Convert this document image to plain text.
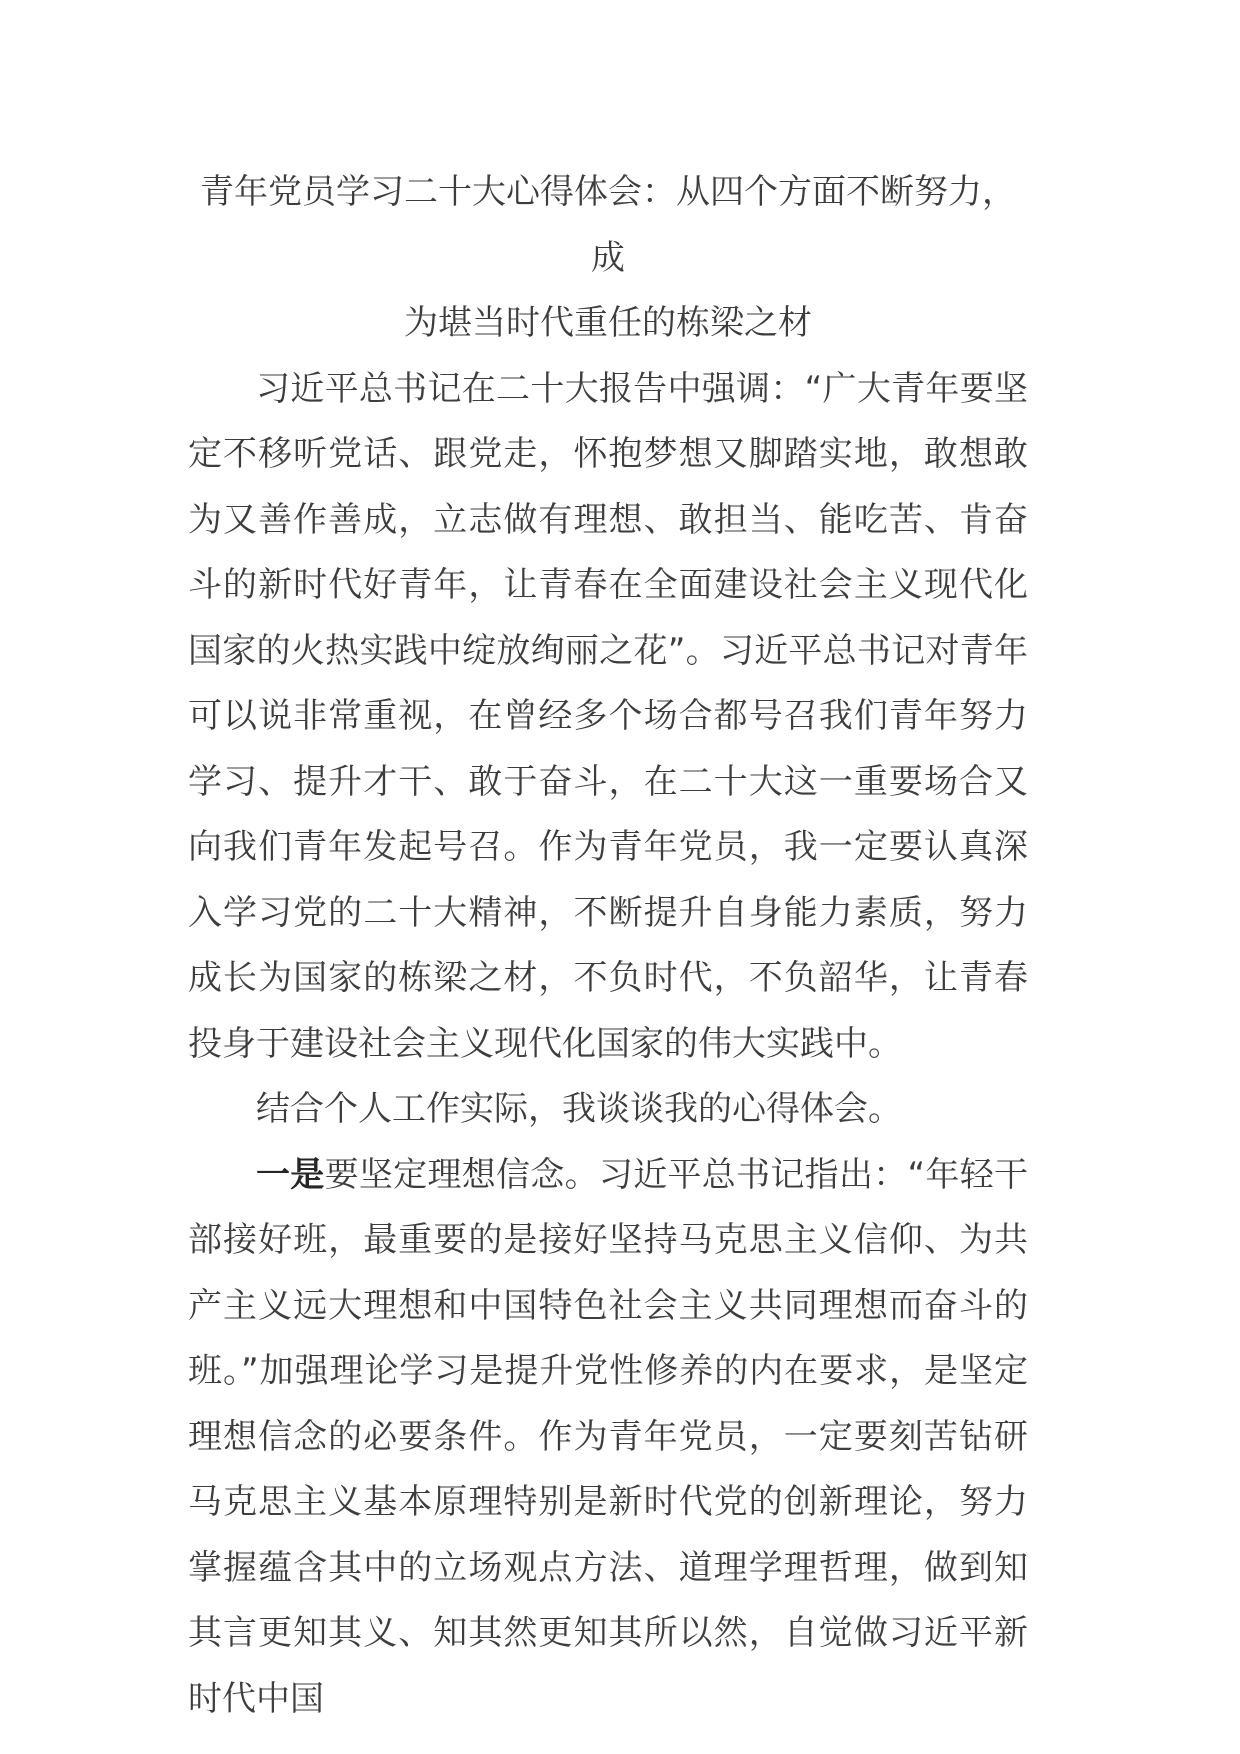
青年党员学习二十大心得体会：从四个方面不断努力，成
为堪当时代重任的栋梁之材

习近平总书记在二十大报告中强调：“广大青年要坚定不移听党话、跟党走，怀抱梦想又脚踏实地，敢想敢为又善作善成，立志做有理想、敢担当、能吃苦、肯奋斗的新时代好青年，让青春在全面建设社会主义现代化国家的火热实践中绽放绚丽之花”。习近平总书记对青年可以说非常重视，在曾经多个场合都号召我们青年努力学习、提升才干、敢于奋斗，在二十大这一重要场合又向我们青年发起号召。作为青年党员，我一定要认真深入学习党的二十大精神，不断提升自身能力素质，努力成长为国家的栋梁之材，不负时代，不负韶华，让青春投身于建设社会主义现代化国家的伟大实践中。

结合个人工作实际，我谈谈我的心得体会。

一是要坚定理想信念。习近平总书记指出：“年轻干部接好班，最重要的是接好坚持马克思主义信仰、为共产主义远大理想和中国特色社会主义共同理想而奋斗的班。”加强理论学习是提升党性修养的内在要求，是坚定理想信念的必要条件。作为青年党员，一定要刻苦钻研马克思主义基本原理特别是新时代党的创新理论，努力掌握蕴含其中的立场观点方法、道理学理哲理，做到知其言更知其义、知其然更知其所以然，自觉做习近平新时代中国
